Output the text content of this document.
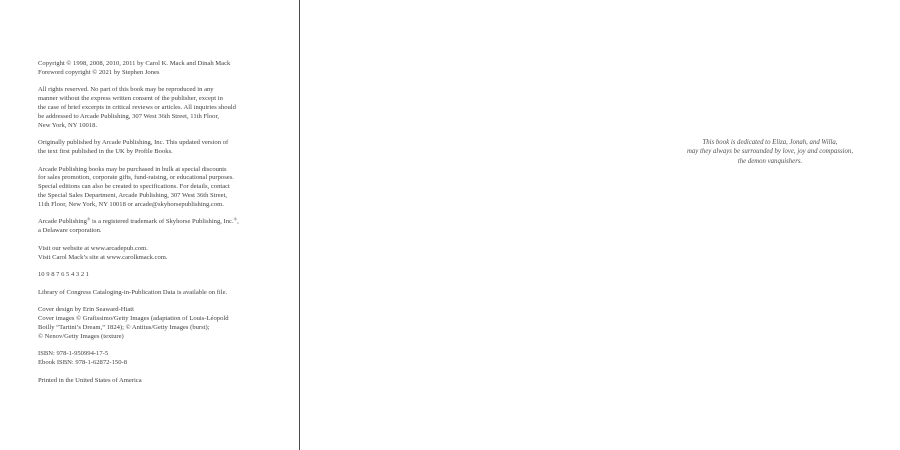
Copyright © 1998, 2008, 2010, 2011 by Carol K. Mack and Dinah Mack
Foreword copyright © 2021 by Stephen Jones

All rights reserved. No part of this book may be reproduced in any
manner without the express written consent of the publisher, except in
the case of brief excerpts in critical reviews or articles. All inquiries should
be addressed to Arcade Publishing, 307 West 36th Street, 11th Floor,
New York, NY 10018.

Originally published by Arcade Publishing, Inc. This updated version of
the text first published in the UK by Profile Books.

Arcade Publishing books may be purchased in bulk at special discounts
for sales promotion, corporate gifts, fund-raising, or educational purposes.
Special editions can also be created to specifications. For details, contact
the Special Sales Department, Arcade Publishing, 307 West 36th Street,
11th Floor, New York, NY 10018 or arcade@skyhorsepublishing.com.

Arcade Publishing® is a registered trademark of Skyhorse Publishing, Inc.®,
a Delaware corporation.

Visit our website at www.arcadepub.com.
Visit Carol Mack’s site at www.carolkmack.com.

10 9 8 7 6 5 4 3 2 1

Library of Congress Cataloging-in-Publication Data is available on file.

Cover design by Erin Seaward-Hiatt
Cover images © Grafissimo/Getty Images (adaptation of Louis-Léopold
Boilly “Tartini’s Dream,” 1824); © Antitus/Getty Images (burst);
© Nenov/Getty Images (texture)

ISBN: 978-1-950994-17-5
Ebook ISBN: 978-1-62872-150-8

Printed in the United States of America

This book is dedicated to Eliza, Jonah, and Willa,
may they always be surrounded by love, joy and compassion,
the demon vanquishers.
